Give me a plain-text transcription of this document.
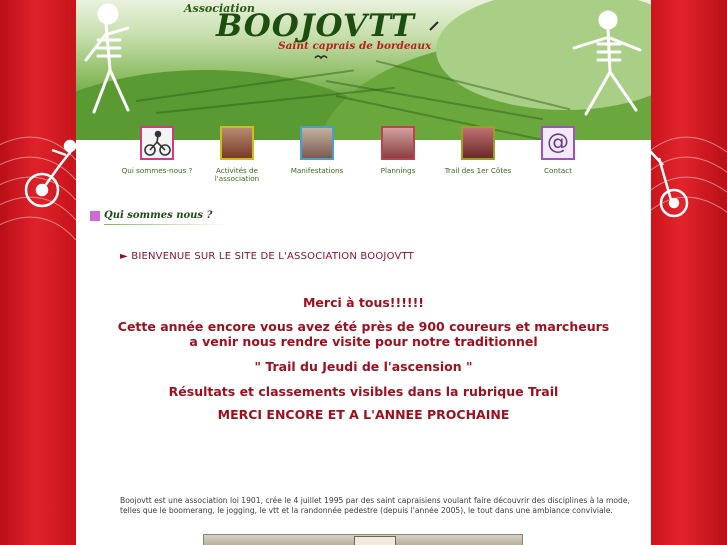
Association
BOOJOVTT
Saint caprais de bordeaux
Qui sommes-nous ?	Activités de l'association
Manifestations	Plannings	Trail des 1er Côtes
@
Contact
Qui sommes nous ?
► BIENVENUE SUR LE SITE DE L'ASSOCIATION BOOJOVTT
Merci à tous!!!!!!
Cette année encore vous avez été près de 900 coureurs et marcheurs
a venir nous rendre visite pour notre traditionnel
" Trail du Jeudi de l'ascension "
Résultats et classements visibles dans la rubrique Trail
MERCI ENCORE ET A L'ANNEE PROCHAINE
Boojovtt est une association loi 1901, crée le 4 juillet 1995 par des saint capraisiens voulant faire découvrir des disciplines à la mode, telles que le boomerang, le jogging, le vtt et la randonnée pedestre (depuis l'année 2005), le tout dans une ambiance conviviale.
